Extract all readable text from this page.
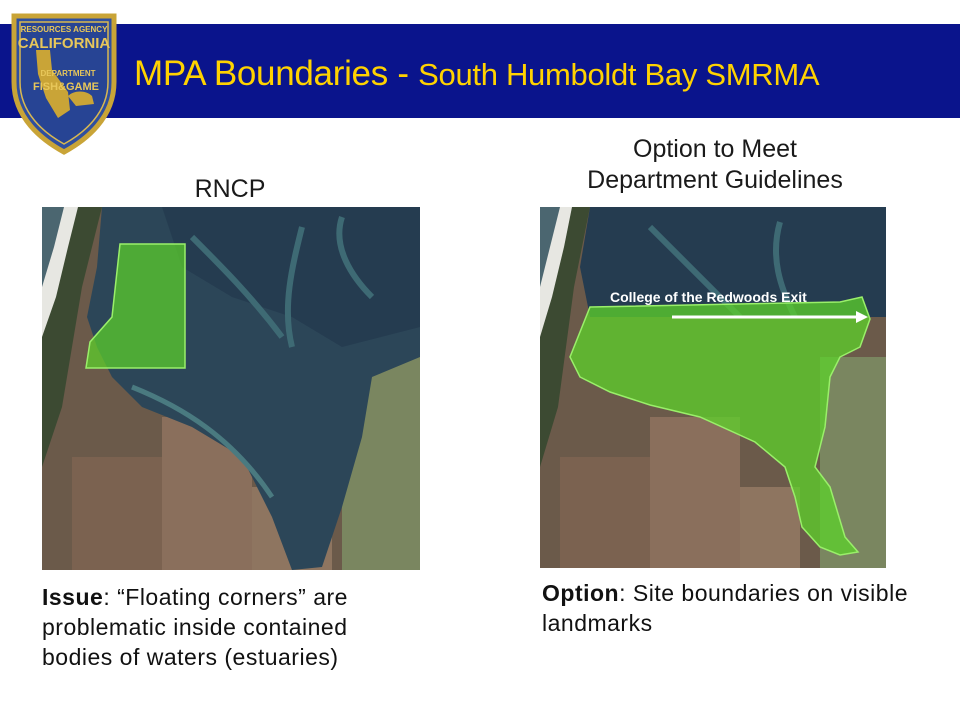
RESOURCES AGENCY
CALIFORNIA
DEPARTMENT
FISH&GAME MPA Boundaries - South Humboldt Bay SMRMA
RNCP
Option to Meet
Department Guidelines
College of the Redwoods Exit
Issue: “Floating corners” are problematic inside contained bodies of waters (estuaries)
Option: Site boundaries on visible landmarks
